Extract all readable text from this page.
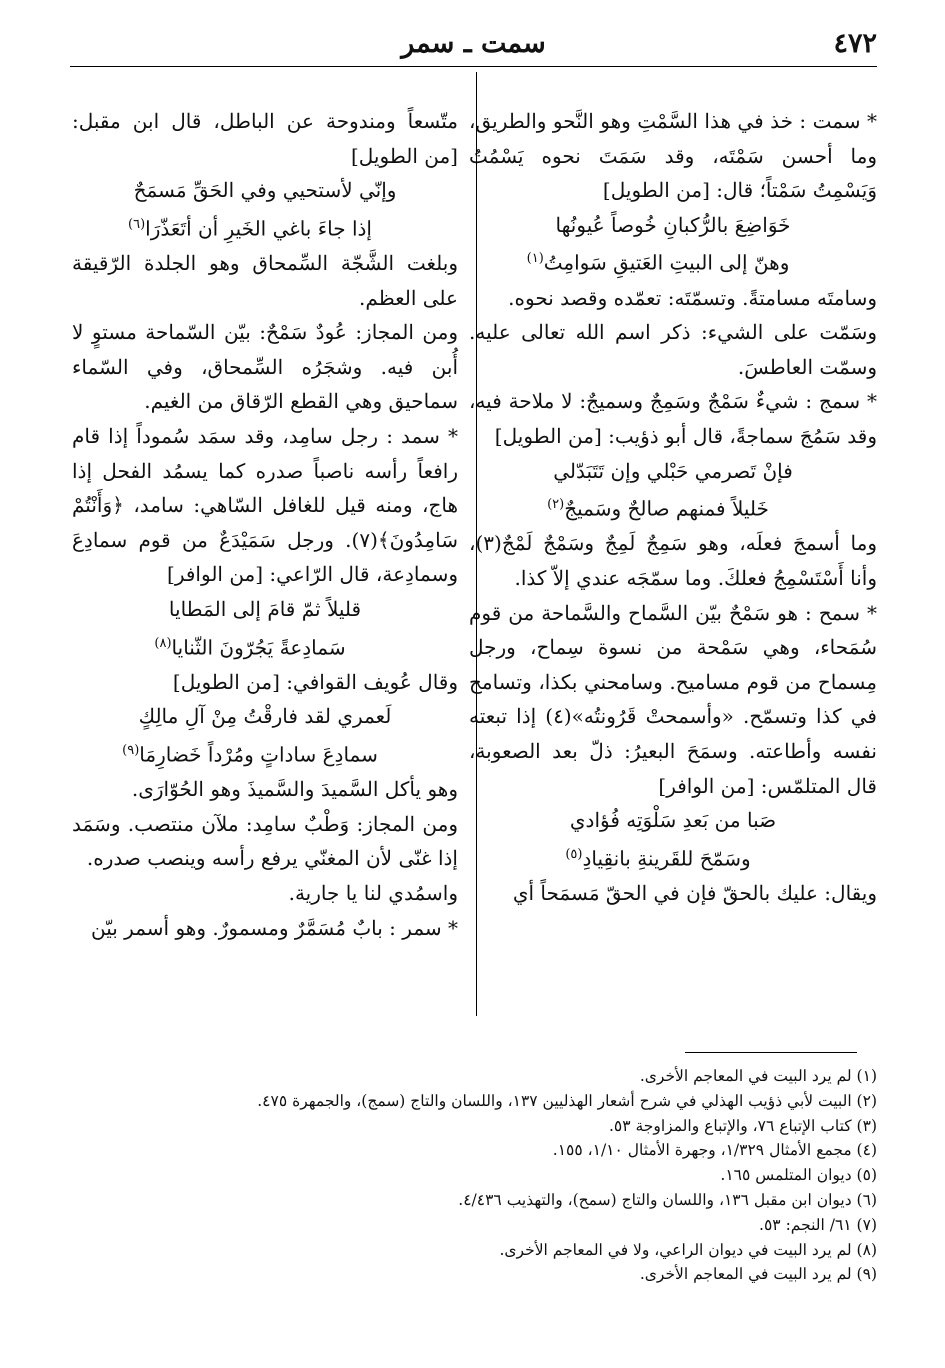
٤٧٢
سمت ـ سمر

* سمت : خذ في هذا السَّمْتِ وهو النَّحو والطريق، وما أحسن سَمْتَه، وقد سَمَتَ نحوه يَسْمُتُ وَيَسْمِتُ سَمْتاً؛ قال: [من الطويل]

خَوَاضِعَ بالرُّكبانِ خُوصاً عُيونُها

وهنّ إلى البيتِ العَتيقِ سَوامِتُ$^{(١)}$

وسامتَه مسامتةً. وتسمّتَه: تعمّده وقصد نحوه.

وسَمّت على الشيء: ذكر اسم الله تعالى عليه. وسمّت العاطسَ.

* سمج : شيءٌ سَمْجٌ وسَمِجٌ وسميجٌ: لا ملاحة فيه، وقد سَمُجَ سماجةً، قال أبو ذؤيب: [من الطويل]

فإنْ تَصرمي حَبْلي وإن تَتَبَدّلي

خَليلاً فمنهم صالحٌ وسَميجٌ$^{(٢)}$

وما أسمجَ فعلَه، وهو سَمِجٌ لَمِجٌ وسَمْجٌ لَمْجٌ(٣)، وأنا أَسْتَسْمِجُ فعلكَ. وما سمّجَه عندي إلاّ كذا.

* سمح : هو سَمْحٌ بيّن السَّماح والسَّماحة من قوم سُمَحاء، وهي سَمْحة من نسوة سِماح، ورجل مِسماح من قوم مساميح. وسامحني بكذا، وتسامح في كذا وتسمّح. «وأسمحتْ قَرُونتُه»(٤) إذا تبعته نفسه وأطاعته. وسمَحَ البعيرُ: ذلّ بعد الصعوبة، قال المتلمّس: [من الوافر]

صَبا من بَعدِ سَلْوَتِه فُؤادي

وسَمّحَ للقَرينةِ بانقِيادِ$^{(٥)}$

ويقال: عليك بالحقّ فإن في الحقّ مَسمَحاً أي

متّسعاً ومندوحة عن الباطل، قال ابن مقبل: [من الطويل]

وإنّي لأستحيي وفي الحَقِّ مَسمَحٌ

إذا جاءَ باغي الخَيرِ أن أتَعَذّرَا$^{(٦)}$

وبلغت الشَّجّة السِّمحاق وهو الجلدة الرّقيقة على العظم.

ومن المجاز: عُودٌ سَمْحٌ: بيّن السّماحة مستوٍ لا أُبن فيه. وشجَرُه السِّمحاق، وفي السّماء سماحيق وهي القطع الرّقاق من الغيم.

* سمد : رجل سامِد، وقد سمَد سُموداً إذا قام رافعاً رأسه ناصباً صدره كما يسمُد الفحل إذا هاج، ومنه قيل للغافل السّاهي: سامد، ﴿وَأَنْتُمْ سَامِدُونَ﴾(٧). ورجل سَمَيْدَعٌ من قوم سمادِعَ وسمادِعة، قال الرّاعي: [من الوافر]

قليلاً ثمّ قامَ إلى المَطايا

سَمادِعةً يَجُرّونَ الثّنايا$^{(٨)}$

وقال عُويف القوافي: [من الطويل]

لَعمري لقد فارقْتُ مِنْ آلِ مالِكٍ

سمادِعَ ساداتٍ ومُرْداً خَضارِمَا$^{(٩)}$

وهو يأكل السَّميدَ والسَّميذَ وهو الحُوّارَى.

ومن المجاز: وَطْبٌ سامِد: ملآن منتصب. وسَمَد إذا غنّى لأن المغنّي يرفع رأسه وينصب صدره.

واسمُدي لنا يا جارية.

* سمر : بابٌ مُسَمَّرٌ ومسمورٌ. وهو أسمر بيّن

(١) لم يرد البيت في المعاجم الأخرى.
(٢) البيت لأبي ذؤيب الهذلي في شرح أشعار الهذليين ١٣٧، واللسان والتاج (سمج)، والجمهرة ٤٧٥.
(٣) كتاب الإتباع ٧٦، والإتباع والمزاوجة ٥٣.
(٤) مجمع الأمثال ١/٣٢٩، وجهرة الأمثال ١/١٠، ١٥٥.
(٥) ديوان المتلمس ١٦٥.
(٦) ديوان ابن مقبل ١٣٦، واللسان والتاج (سمح)، والتهذيب ٤/٤٣٦.
(٧) ٦١/ النجم: ٥٣.
(٨) لم يرد البيت في ديوان الراعي، ولا في المعاجم الأخرى.
(٩) لم يرد البيت في المعاجم الأخرى.
